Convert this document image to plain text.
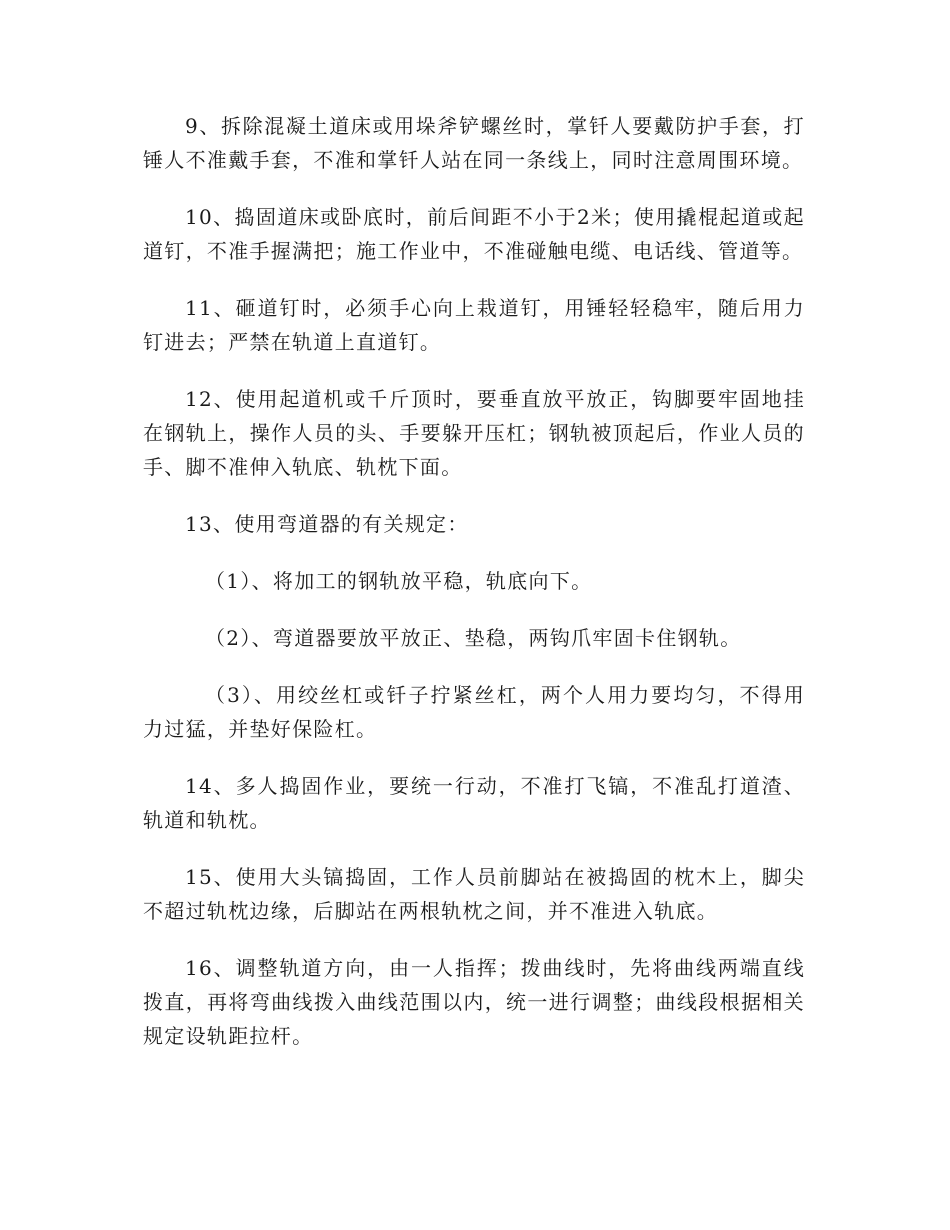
9、拆除混凝土道床或用垛斧铲螺丝时，掌钎人要戴防护手套，打锤人不准戴手套，不准和掌钎人站在同一条线上，同时注意周围环境。

10、捣固道床或卧底时，前后间距不小于2米；使用撬棍起道或起道钉，不准手握满把；施工作业中，不准碰触电缆、电话线、管道等。

11、砸道钉时，必须手心向上栽道钉，用锤轻轻稳牢，随后用力钉进去；严禁在轨道上直道钉。

12、使用起道机或千斤顶时，要垂直放平放正，钩脚要牢固地挂在钢轨上，操作人员的头、手要躲开压杠；钢轨被顶起后，作业人员的手、脚不准伸入轨底、轨枕下面。

13、使用弯道器的有关规定：

（1）、将加工的钢轨放平稳，轨底向下。

（2）、弯道器要放平放正、垫稳，两钩爪牢固卡住钢轨。

（3）、用绞丝杠或钎子拧紧丝杠，两个人用力要均匀，不得用力过猛，并垫好保险杠。

14、多人捣固作业，要统一行动，不准打飞镐，不准乱打道渣、轨道和轨枕。

15、使用大头镐捣固，工作人员前脚站在被捣固的枕木上，脚尖不超过轨枕边缘，后脚站在两根轨枕之间，并不准进入轨底。

16、调整轨道方向，由一人指挥；拨曲线时，先将曲线两端直线拨直，再将弯曲线拨入曲线范围以内，统一进行调整；曲线段根据相关规定设轨距拉杆。
